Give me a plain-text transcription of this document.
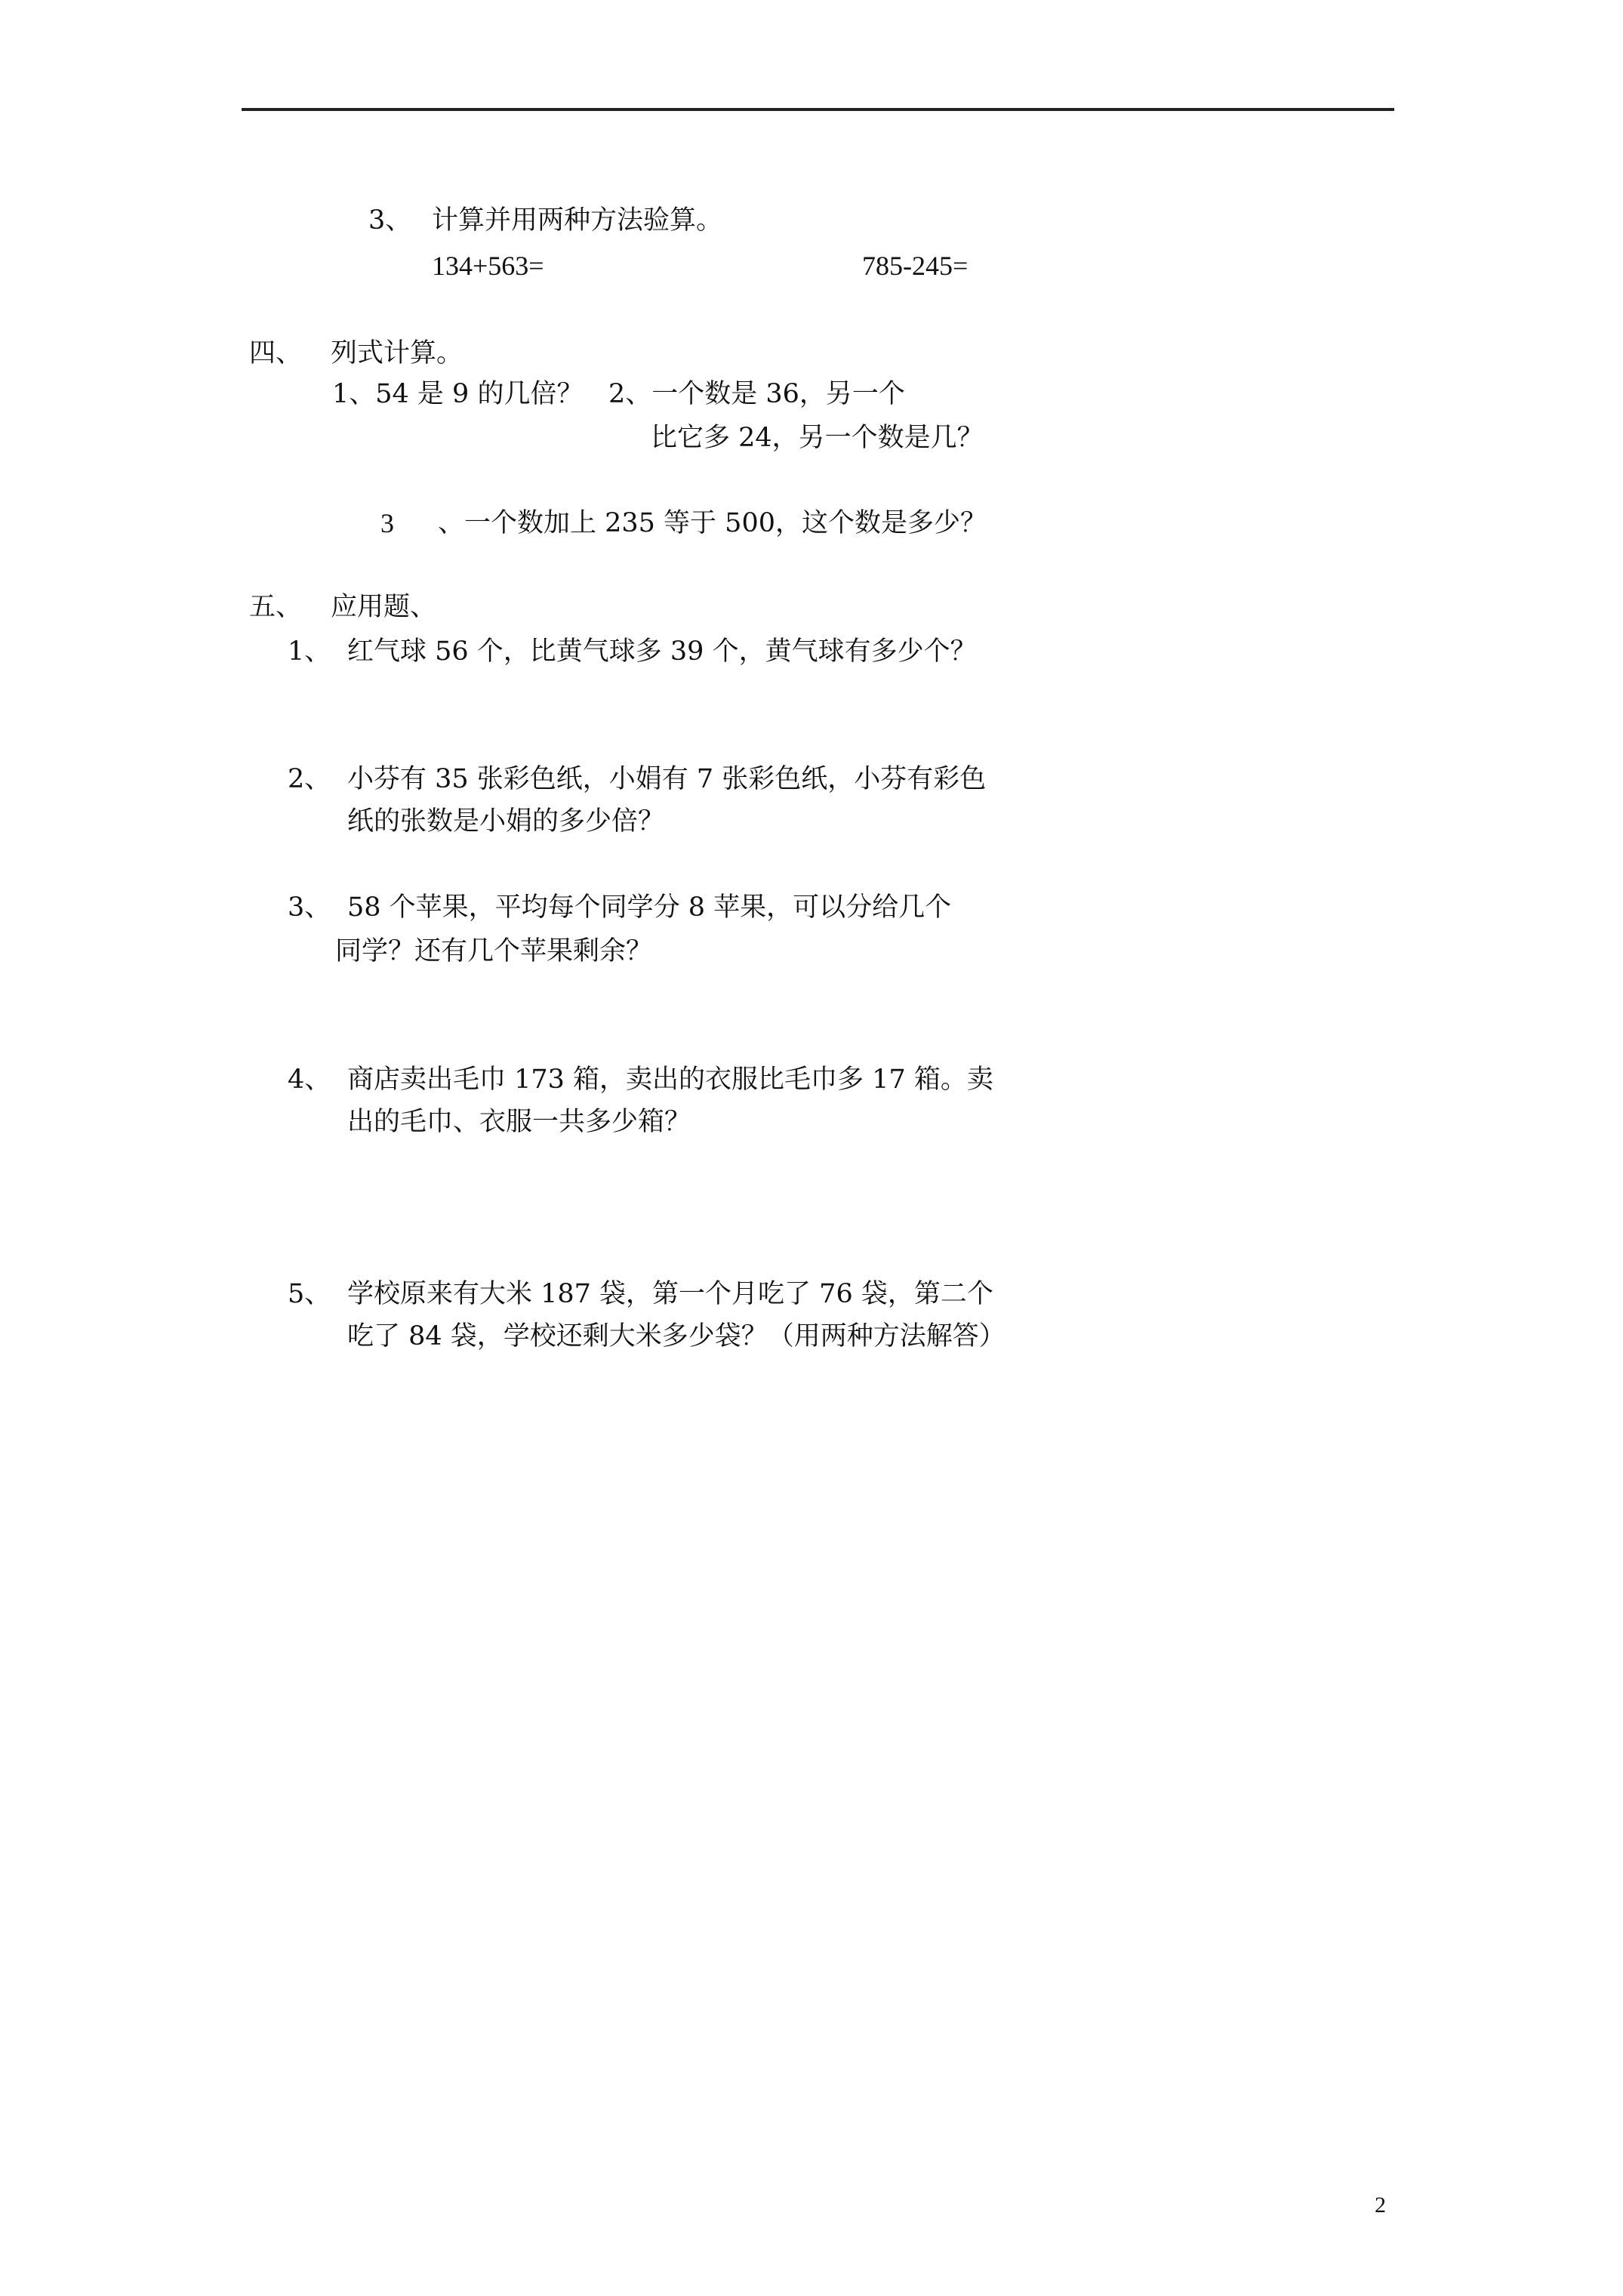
3、 计算并用两种方法验算。
134+563=	785-245=
四、 列式计算。
1、54 是 9 的几倍？ 2、一个数是 36，另一个
比它多 24，另一个数是几？
3 、一个数加上 235 等于 500，这个数是多少？
五、 应用题、
1、 红气球 56 个，比黄气球多 39 个，黄气球有多少个？
2、 小芬有 35 张彩色纸，小娟有 7 张彩色纸，小芬有彩色
纸的张数是小娟的多少倍？
3、 58 个苹果，平均每个同学分 8 苹果，可以分给几个
同学？还有几个苹果剩余？
4、 商店卖出毛巾 173 箱，卖出的衣服比毛巾多 17 箱。卖
出的毛巾、衣服一共多少箱？
5、 学校原来有大米 187 袋，第一个月吃了 76 袋，第二个
吃了 84 袋，学校还剩大米多少袋？（用两种方法解答）
2
